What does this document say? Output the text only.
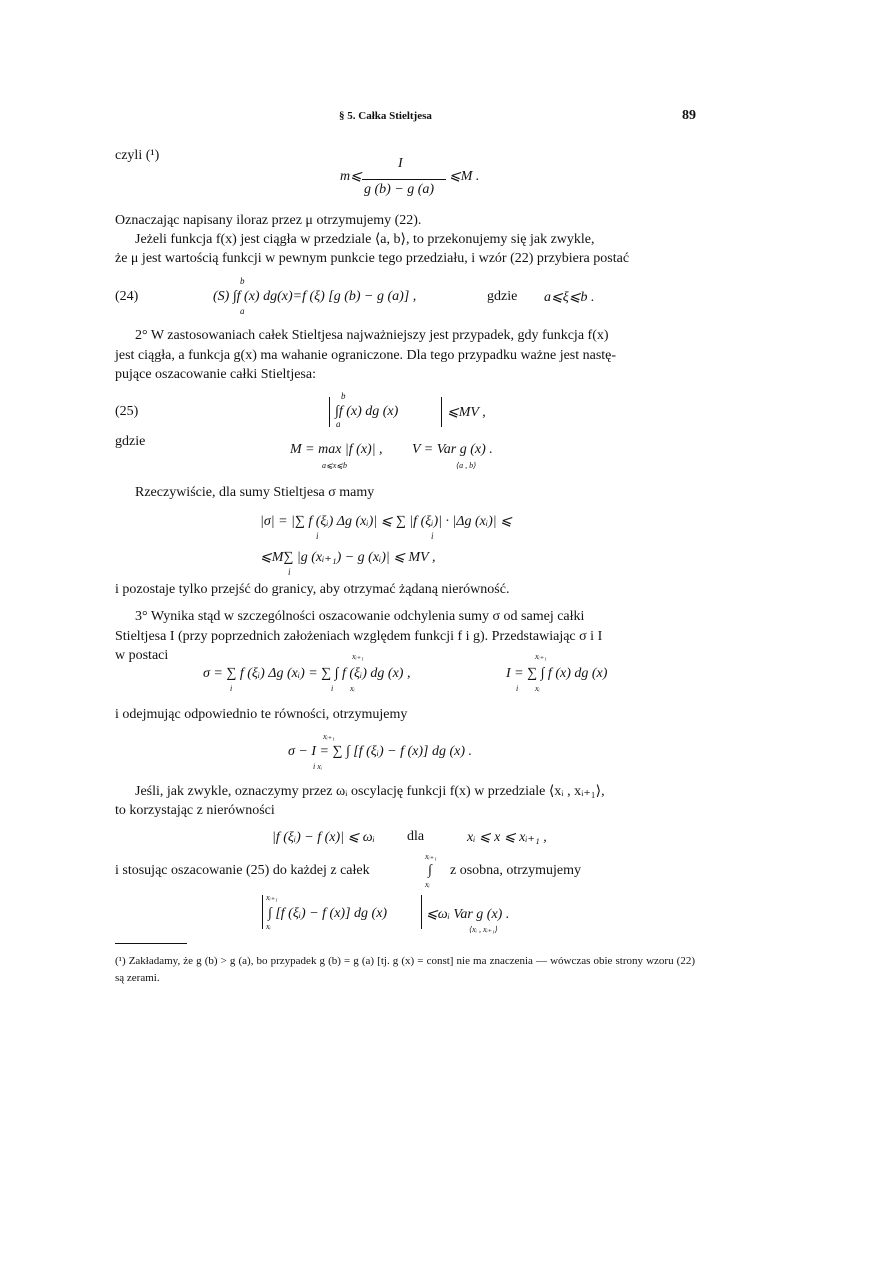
§ 5. Całka Stieltjesa	89
czyli (¹)
m⩽
I
g (b) − g (a)
⩽M .
Oznaczając napisany iloraz przez μ otrzymujemy (22).
Jeżeli funkcja f(x) jest ciągła w przedziale ⟨a, b⟩, to przekonujemy się jak zwykle,
że μ jest wartością funkcji w pewnym punkcie tego przedziału, i wzór (22) przybiera postać
(24)
b
(S) ∫f (x) dg(x)=f (ξ) [g (b) − g (a)] ,
a
gdzie a⩽ξ⩽b .
2° W zastosowaniach całek Stieltjesa najważniejszy jest przypadek, gdy funkcja f(x)
jest ciągła, a funkcja g(x) ma wahanie ograniczone. Dla tego przypadku ważne jest nastę-
pujące oszacowanie całki Stieltjesa:
(25)
b
∫f (x) dg (x)
a
⩽MV ,
gdzie
M = max |f (x)| ,
a⩽x⩽b
V = Var g (x) .
⟨a , b⟩
Rzeczywiście, dla sumy Stieltjesa σ mamy
|σ| = |∑ f (ξᵢ) Δg (xᵢ)| ⩽ ∑ |f (ξᵢ)| · |Δg (xᵢ)| ⩽
i	i
⩽M∑ |g (xᵢ₊₁) − g (xᵢ)| ⩽ MV ,
i
i pozostaje tylko przejść do granicy, aby otrzymać żądaną nierówność.
3° Wynika stąd w szczególności oszacowanie odchylenia sumy σ od samej całki
Stieltjesa I (przy poprzednich założeniach względem funkcji f i g). Przedstawiając σ i I
w postaci	xᵢ₊₁	xᵢ₊₁
σ = ∑ f (ξᵢ) Δg (xᵢ) = ∑ ∫ f (ξᵢ) dg (x) ,	I = ∑ ∫ f (x) dg (x)
i	i xᵢ	i xᵢ
i odejmując odpowiednio te równości, otrzymujemy
xᵢ₊₁
σ − I = ∑ ∫ [f (ξᵢ) − f (x)] dg (x) .
i xᵢ
Jeśli, jak zwykle, oznaczymy przez ωᵢ oscylację funkcji f(x) w przedziale ⟨xᵢ , xᵢ₊₁⟩,
to korzystając z nierówności
|f (ξᵢ) − f (x)| ⩽ ωᵢ dla	xᵢ ⩽ x ⩽ xᵢ₊₁ ,
xᵢ₊₁
i stosując oszacowanie (25) do każdej z całek	∫ z osobna, otrzymujemy
xᵢ
xᵢ₊₁
∫ [f (ξᵢ) − f (x)] dg (x)
xᵢ
⩽ωᵢ Var g (x) .
⟨xᵢ , xᵢ₊₁⟩
(¹) Zakładamy, że g (b) > g (a), bo przypadek g (b) = g (a) [tj. g (x) = const] nie ma znaczenia — wówczas obie strony wzoru (22) są zerami.
